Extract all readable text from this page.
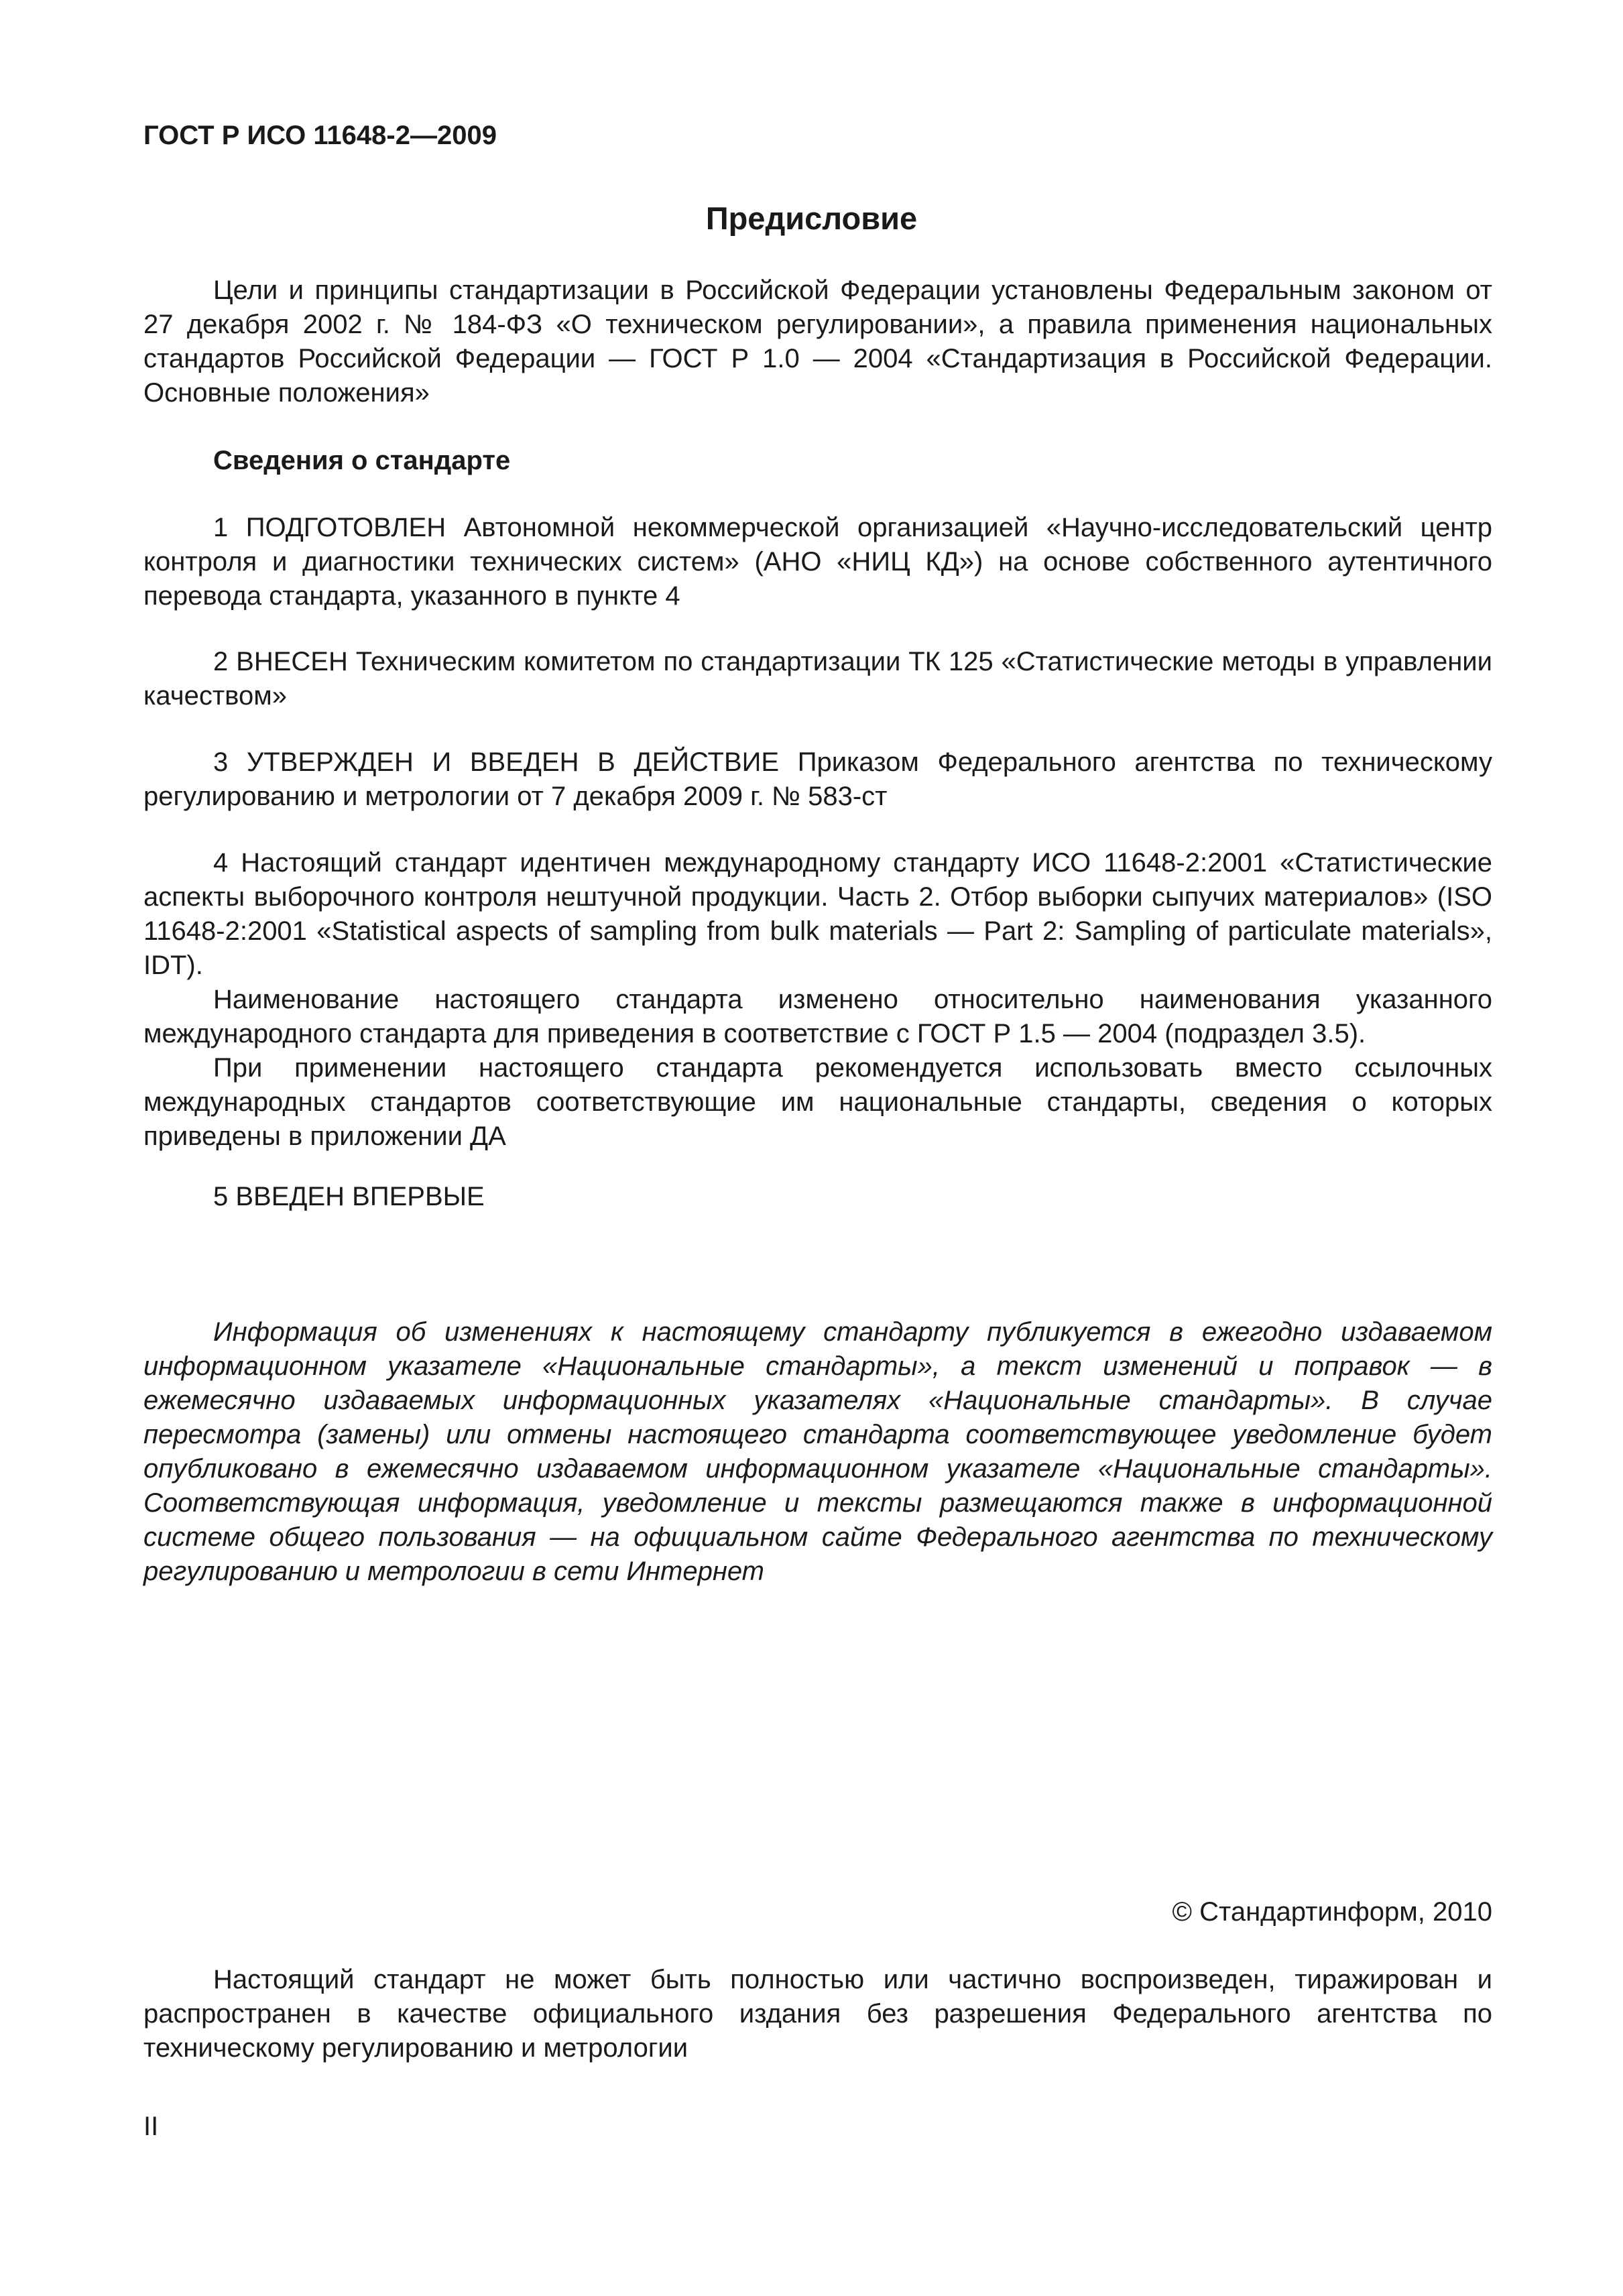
ГОСТ Р ИСО 11648-2—2009
Предисловие

Цели и принципы стандартизации в Российской Федерации установлены Федеральным законом от 27 декабря 2002 г. № 184-ФЗ «О техническом регулировании», а правила применения национальных стандартов Российской Федерации — ГОСТ Р 1.0 — 2004 «Стандартизация в Российской Федерации. Основные положения»

Сведения о стандарте

1 ПОДГОТОВЛЕН Автономной некоммерческой организацией «Научно-исследовательский центр контроля и диагностики технических систем» (АНО «НИЦ КД») на основе собственного аутентичного перевода стандарта, указанного в пункте 4

2 ВНЕСЕН Техническим комитетом по стандартизации ТК 125 «Статистические методы в управлении качеством»

3 УТВЕРЖДЕН И ВВЕДЕН В ДЕЙСТВИЕ Приказом Федерального агентства по техническому регулированию и метрологии от 7 декабря 2009 г. № 583-ст

4 Настоящий стандарт идентичен международному стандарту ИСО 11648-2:2001 «Статистические аспекты выборочного контроля нештучной продукции. Часть 2. Отбор выборки сыпучих материалов» (ISO 11648-2:2001 «Statistical aspects of sampling from bulk materials — Part 2: Sampling of particulate materials», IDT).

Наименование настоящего стандарта изменено относительно наименования указанного международного стандарта для приведения в соответствие с ГОСТ Р 1.5 — 2004 (подраздел 3.5).

При применении настоящего стандарта рекомендуется использовать вместо ссылочных международных стандартов соответствующие им национальные стандарты, сведения о которых приведены в приложении ДА

5 ВВЕДЕН ВПЕРВЫЕ

Информация об изменениях к настоящему стандарту публикуется в ежегодно издаваемом информационном указателе «Национальные стандарты», а текст изменений и поправок — в ежемесячно издаваемых информационных указателях «Национальные стандарты». В случае пересмотра (замены) или отмены настоящего стандарта соответствующее уведомление будет опубликовано в ежемесячно издаваемом информационном указателе «Национальные стандарты». Соответствующая информация, уведомление и тексты размещаются также в информационной системе общего пользования — на официальном сайте Федерального агентства по техническому регулированию и метрологии в сети Интернет

© Стандартинформ, 2010

Настоящий стандарт не может быть полностью или частично воспроизведен, тиражирован и распространен в качестве официального издания без разрешения Федерального агентства по техническому регулированию и метрологии

II
